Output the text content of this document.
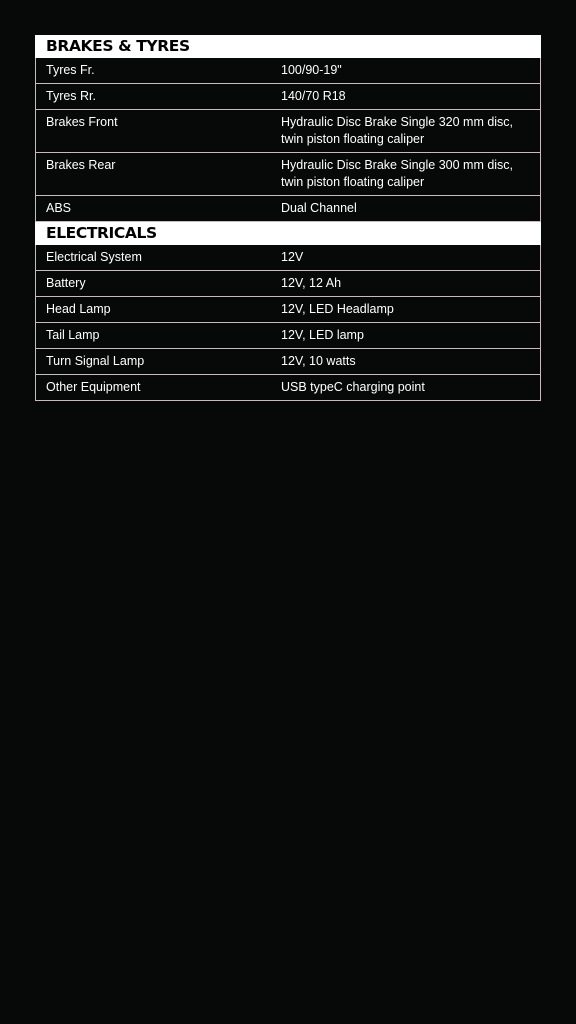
BRAKES & TYRES
Tyres Fr.	100/90-19"
Tyres Rr.	140/70 R18
Brakes Front	Hydraulic Disc Brake Single 320 mm disc,
twin piston floating caliper
Brakes Rear	Hydraulic Disc Brake Single 300 mm disc,
twin piston floating caliper
ABS	Dual Channel
ELECTRICALS
Electrical System	12V
Battery	12V, 12 Ah
Head Lamp	12V, LED Headlamp
Tail Lamp	12V, LED lamp
Turn Signal Lamp	12V, 10 watts
Other Equipment	USB typeC charging point
